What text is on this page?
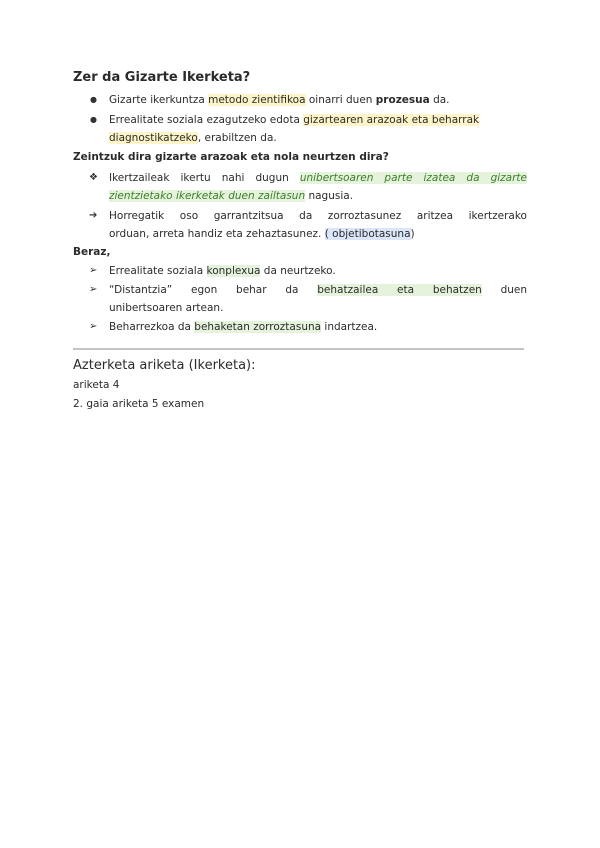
Zer da Gizarte Ikerketa?
● Gizarte ikerkuntza metodo zientifikoa oinarri duen prozesua da.
● Errealitate soziala ezagutzeko edota gizartearen arazoak eta beharrak
diagnostikatzeko, erabiltzen da.
Zeintzuk dira gizarte arazoak eta nola neurtzen dira?
❖ Ikertzaileak ikertu nahi dugun unibertsoaren parte izatea da gizarte
zientzietako ikerketak duen zailtasun nagusia.
➔ Horregatik oso garrantzitsua da zorroztasunez aritzea ikertzerako
orduan, arreta handiz eta zehaztasunez. ( objetibotasuna)
Beraz,
➢ Errealitate soziala konplexua da neurtzeko.
➢ “Distantzia” egon behar da behatzailea eta behatzen duen
unibertsoaren artean.
➢ Beharrezkoa da behaketan zorroztasuna indartzea.
Azterketa ariketa (Ikerketa):
ariketa 4
2. gaia ariketa 5 examen
